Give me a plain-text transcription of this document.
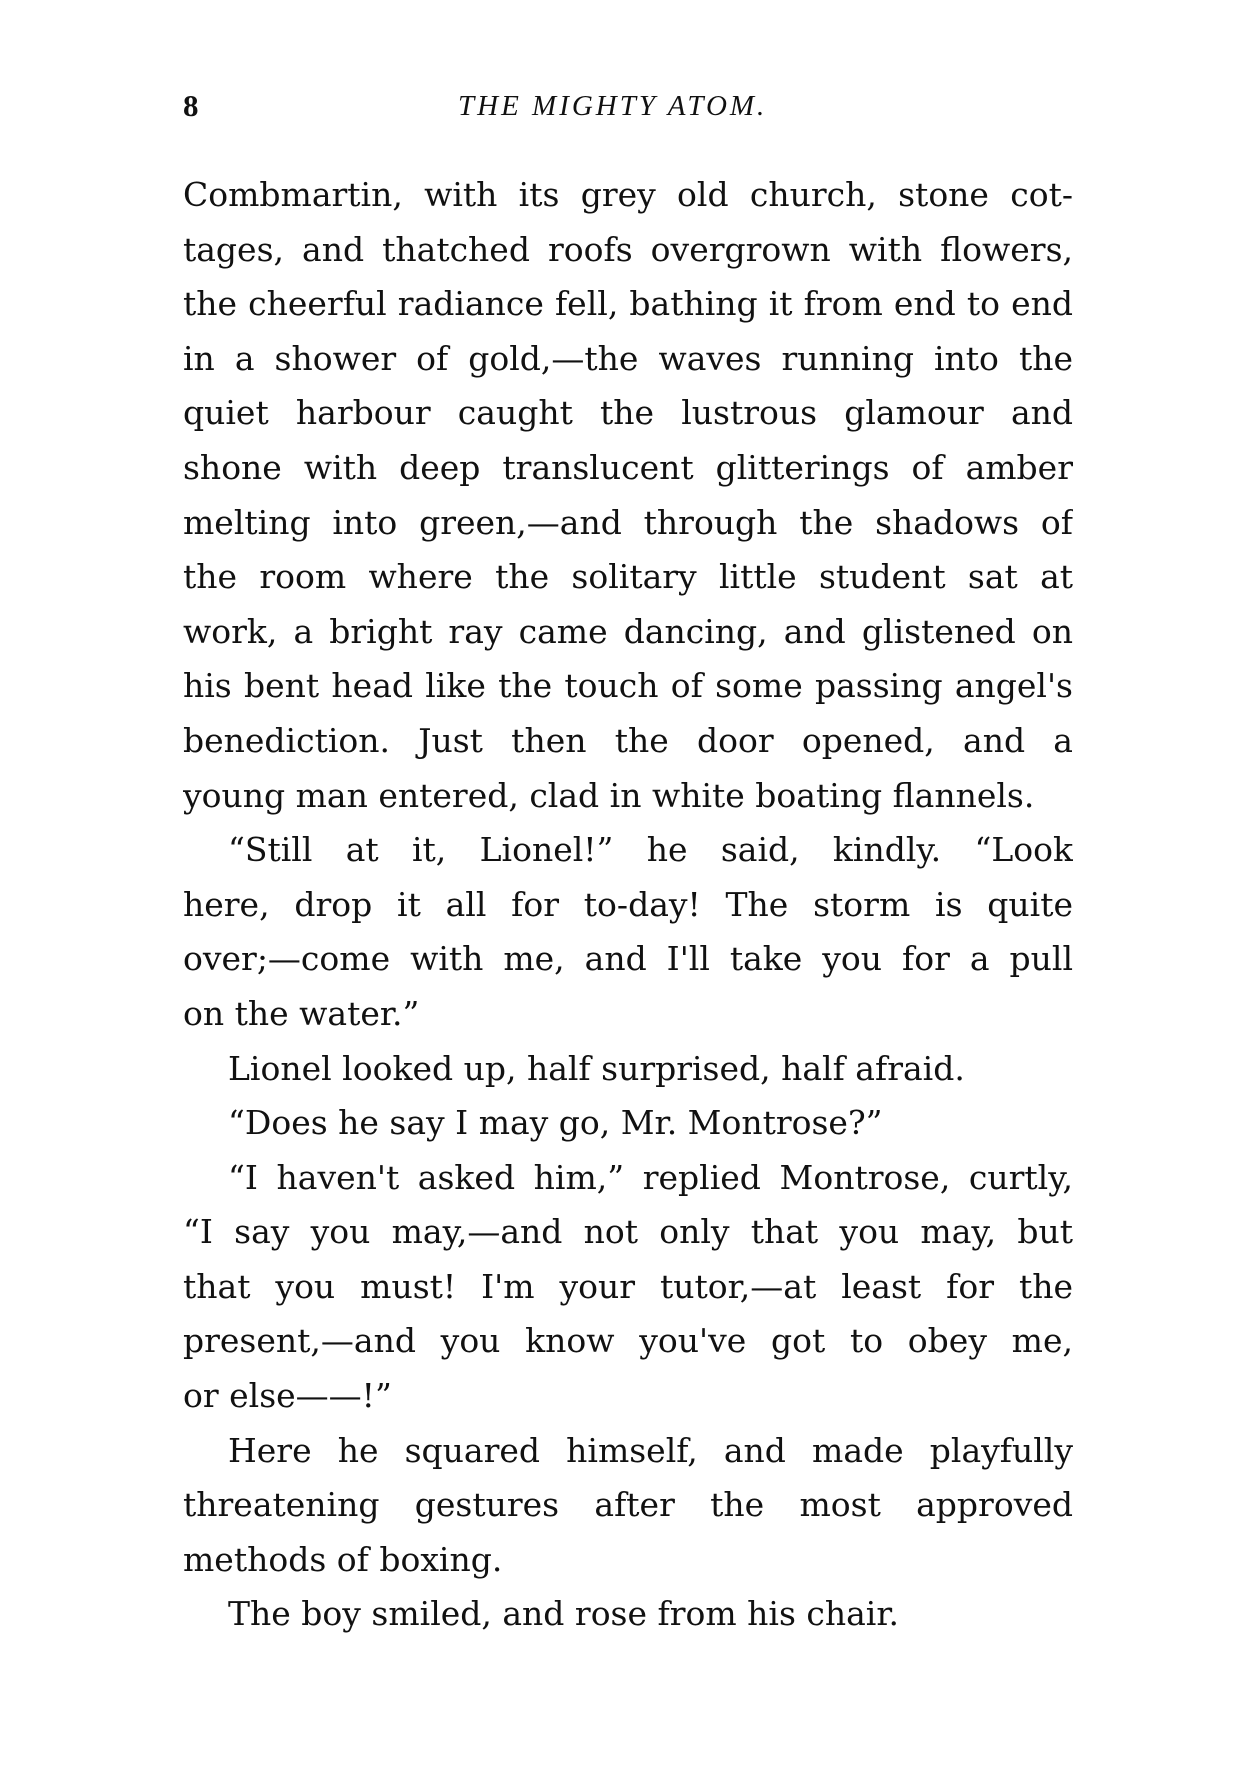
8	THE MIGHTY ATOM.
Combmartin, with its grey old church, stone cot-
tages, and thatched roofs overgrown with flowers,
the cheerful radiance fell, bathing it from end to end
in a shower of gold,—the waves running into the
quiet harbour caught the lustrous glamour and
shone with deep translucent glitterings of amber
melting into green,—and through the shadows of
the room where the solitary little student sat at
work, a bright ray came dancing, and glistened on
his bent head like the touch of some passing angel's
benediction. Just then the door opened, and a
young man entered, clad in white boating flannels.
“Still at it, Lionel!” he said, kindly. “Look
here, drop it all for to-day! The storm is quite
over;—come with me, and I'll take you for a pull
on the water.”
Lionel looked up, half surprised, half afraid.
“Does he say I may go, Mr. Montrose?”
“I haven't asked him,” replied Montrose, curtly,
“I say you may,—and not only that you may, but
that you must! I'm your tutor,—at least for the
present,—and you know you've got to obey me,
or else——!”
Here he squared himself, and made playfully
threatening gestures after the most approved
methods of boxing.
The boy smiled, and rose from his chair.
